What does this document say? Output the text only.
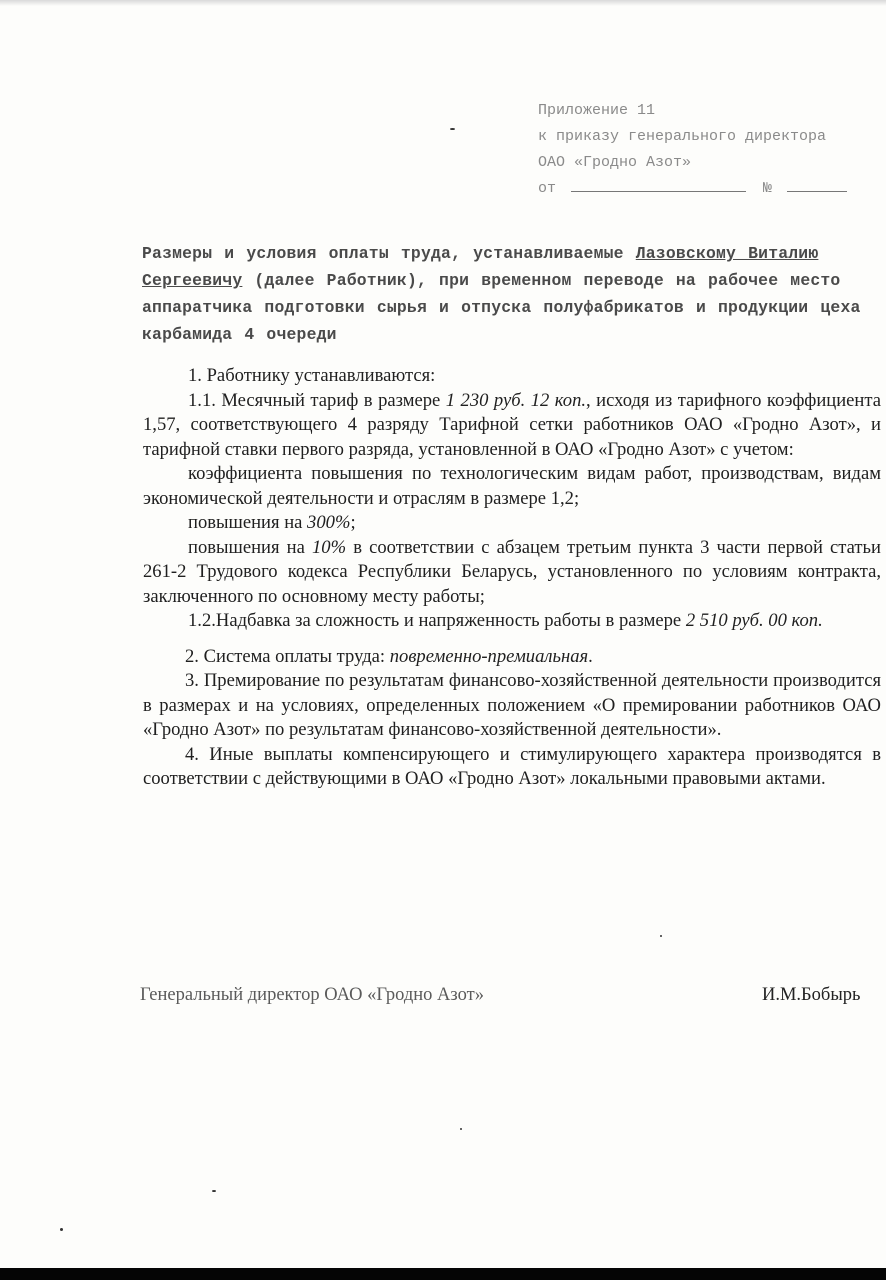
Приложение 11
к приказу генерального директора
ОАО «Гродно Азот»
от	№
Размеры и условия оплаты труда, устанавливаемые Лазовскому Виталию Сергеевичу (далее Работник), при временном переводе на рабочее место аппаратчика подготовки сырья и отпуска полуфабрикатов и продукции цеха карбамида 4 очереди

1. Работнику устанавливаются:

1.1. Месячный тариф в размере 1 230 руб. 12 коп., исходя из тарифного коэффициента 1,57, соответствующего 4 разряду Тарифной сетки работников ОАО «Гродно Азот», и тарифной ставки первого разряда, установленной в ОАО «Гродно Азот» с учетом:

коэффициента повышения по технологическим видам работ, производствам, видам экономической деятельности и отраслям в размере 1,2;

повышения на 300%;

повышения на 10% в соответствии с абзацем третьим пункта 3 части первой статьи 261-2 Трудового кодекса Республики Беларусь, установленного по условиям контракта, заключенного по основному месту работы;

1.2.Надбавка за сложность и напряженность работы в размере 2 510 руб. 00 коп.

2. Система оплаты труда: повременно-премиальная.

3. Премирование по результатам финансово-хозяйственной деятельности производится в размерах и на условиях, определенных положением «О премировании работников ОАО «Гродно Азот» по результатам финансово-хозяйственной деятельности».

4. Иные выплаты компенсирующего и стимулирующего характера производятся в соответствии с действующими в ОАО «Гродно Азот» локальными правовыми актами.

Генеральный директор ОАО «Гродно Азот»	И.М.Бобырь
